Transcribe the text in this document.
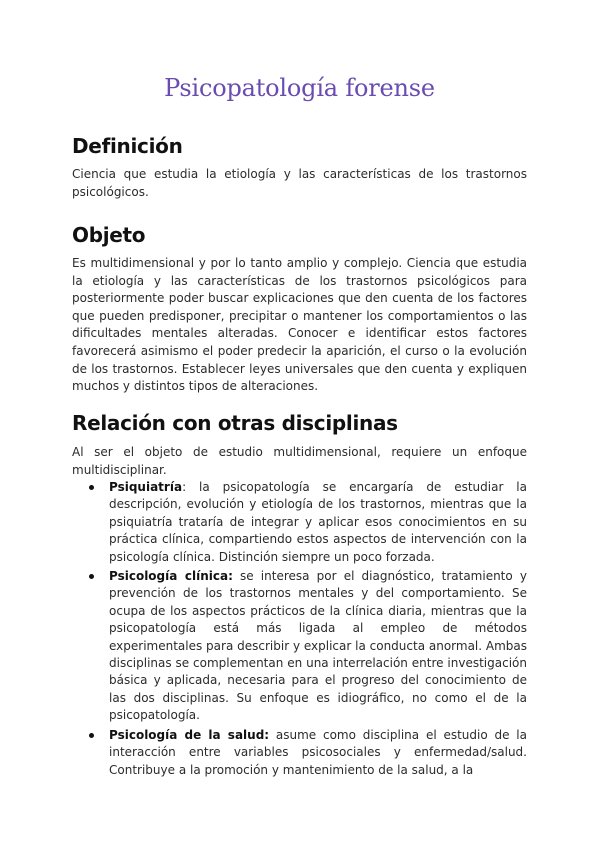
Psicopatología forense
Definición

Ciencia que estudia la etiología y las características de los trastornos psicológicos.

Objeto

Es multidimensional y por lo tanto amplio y complejo. Ciencia que estudia la etiología y las características de los trastornos psicológicos para posteriormente poder buscar explicaciones que den cuenta de los factores que pueden predisponer, precipitar o mantener los comportamientos o las dificultades mentales alteradas. Conocer e identificar estos factores favorecerá asimismo el poder predecir la aparición, el curso o la evolución de los trastornos. Establecer leyes universales que den cuenta y expliquen muchos y distintos tipos de alteraciones.

Relación con otras disciplinas

Al ser el objeto de estudio multidimensional, requiere un enfoque multidisciplinar.

Psiquiatría: la psicopatología se encargaría de estudiar la descripción, evolución y etiología de los trastornos, mientras que la psiquiatría trataría de integrar y aplicar esos conocimientos en su práctica clínica, compartiendo estos aspectos de intervención con la psicología clínica. Distinción siempre un poco forzada.
Psicología clínica: se interesa por el diagnóstico, tratamiento y prevención de los trastornos mentales y del comportamiento. Se ocupa de los aspectos prácticos de la clínica diaria, mientras que la psicopatología está más ligada al empleo de métodos experimentales para describir y explicar la conducta anormal. Ambas disciplinas se complementan en una interrelación entre investigación básica y aplicada, necesaria para el progreso del conocimiento de las dos disciplinas. Su enfoque es idiográfico, no como el de la psicopatología.
Psicología de la salud: asume como disciplina el estudio de la interacción entre variables psicosociales y enfermedad/salud. Contribuye a la promoción y mantenimiento de la salud, a la
